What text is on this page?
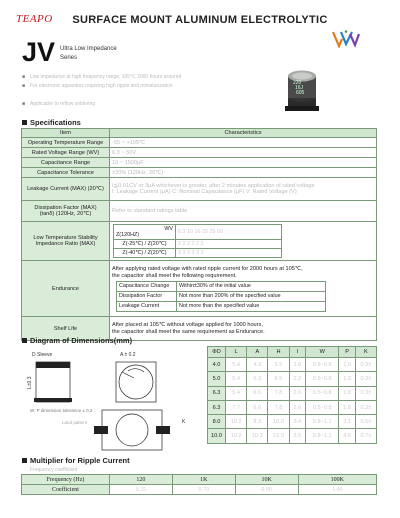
TEAPO	SURFACE MOUNT ALUMINUM ELECTROLYTIC
JV Ultra Low Impedance
Series
■ Low impedance at high frequency range, 105℃ 2000 hours assured
■ For electronic apparatus requiring high ripple and miniaturization
■ Applicable to reflow soldering
220
16J
605
Specifications
Item	Characteristics
Operating Temperature Range	-55 ~ +105℃
Rated Voltage Range (WV)	6.3 ~ 50V
Capacitance Range	10 ~ 1500μF
Capacitance Tolerance	±20% (120Hz, 20℃)
Leakage Current (MAX) (20℃)	I≦0.01CV or 3μA whichever is greater, after 2 minutes application of rated voltage
I: Leakage Current (μA) C: Nominal Capacitance (μF) V: Rated Voltage (V)

Dissipation Factor (MAX)
(tanδ) (120Hz, 20℃)	Refer to standard ratings table

Low Temperature Stability
Impedance Ratio (MAX)

WV
Z(120HZ)	6.3 10 16 25 35 50
Z(-25℃) / Z(20℃)	2 2 2 2 2 2
Z(-40℃) / Z(20℃)	3 3 3 3 3 3

Endurance	
After applying rated voltage with rated ripple current for 2000 hours at 105℃,
the capacitor shall meet the following requirement.
Capacitance Change	Within±30% of the initial value
Dissipation Factor	Not more than 200% of the specified value
Leakage Current	Not more than the specified value

Shelf Life	
After placed at 105℃ without voltage applied for 1000 hours,
the capacitor shall meet the same requirement as Endurance.
Diagram of Dimensions(mm)
D Sleeve
L±0.3
A ± 0.2
K
W: P dimension tolerance ± 0.2
Land pattern
ΦD	L	A	H	I	W	P	K
4.0	5.4	4.3	5.5	1.8	0.5~0.8	1.0	0.3±
5.0	5.4	5.3	6.5	2.2	0.5~0.8	1.3	0.3±
6.3	5.4	6.6	7.8	2.6	0.5~0.8	1.8	0.3±
6.3	7.7	6.6	7.8	2.6	0.5~0.8	1.8	0.3±
8.0	10.2	8.3	10.0	3.4	0.8~1.1	3.1	0.5±
10.0	10.2	10.3	12.0	3.5	0.8~1.1	4.6	0.7±
Multiplier for Ripple Current
Frequency coefficient
Frequency (Hz)	120	1K	10K	100K
Coefficient	0.35	0.70	0.90	1.00
